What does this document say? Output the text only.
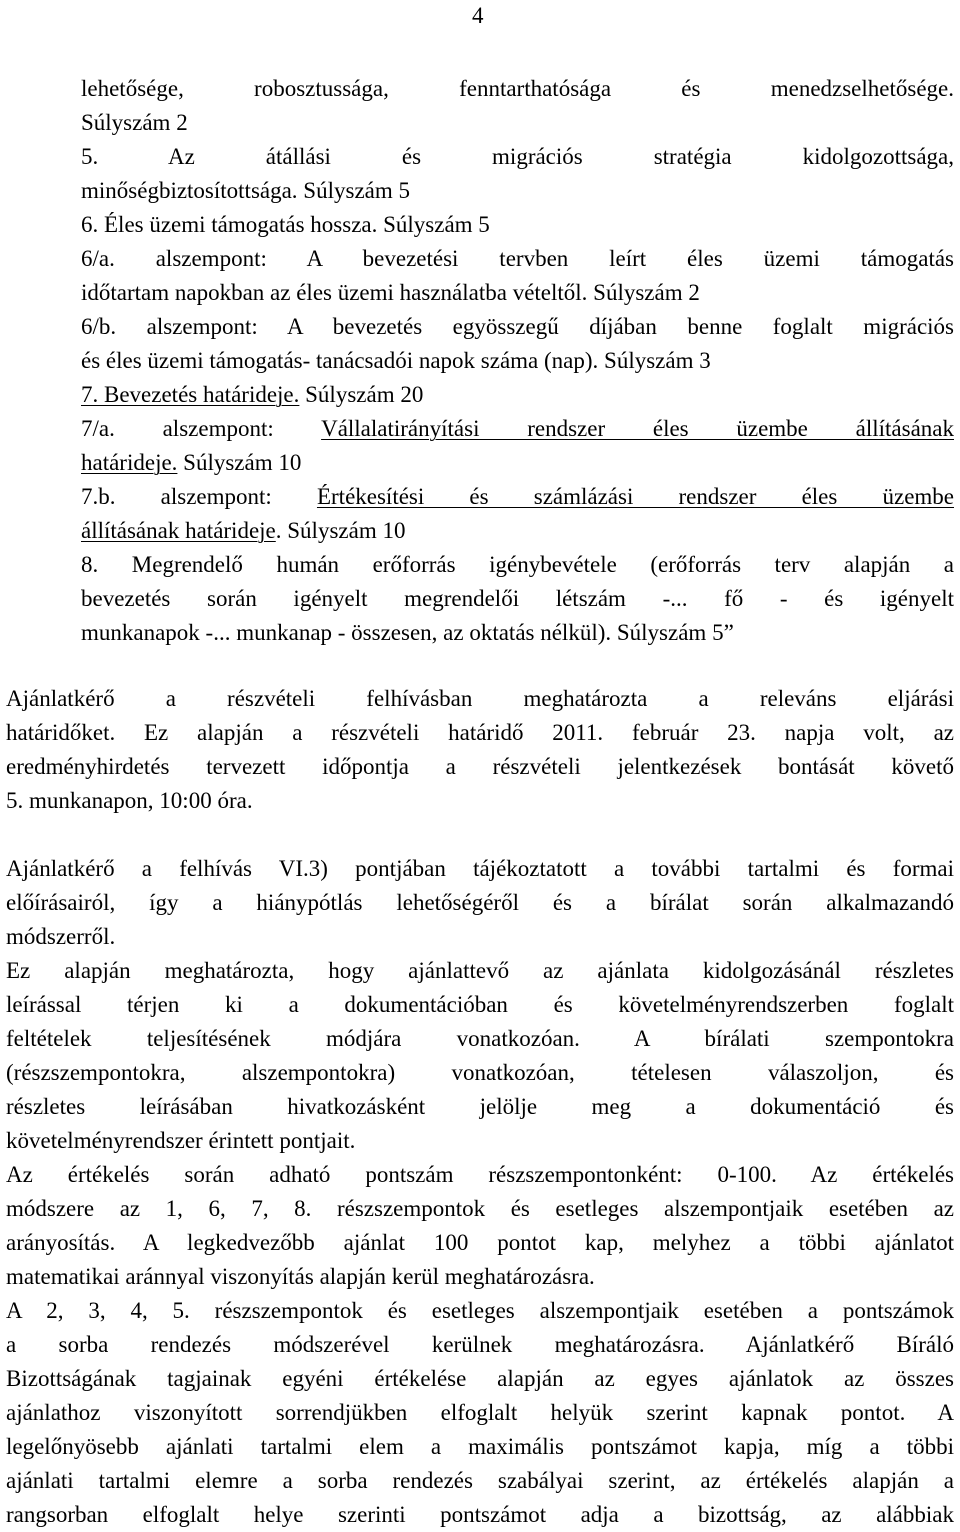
4
lehetősége, robosztussága, fenntarthatósága és menedzselhetősége.
Súlyszám 2
5. Az átállási és migrációs stratégia kidolgozottsága,
minőségbiztosítottsága. Súlyszám 5
6. Éles üzemi támogatás hossza. Súlyszám 5
6/a. alszempont: A bevezetési tervben leírt éles üzemi támogatás
időtartam napokban az éles üzemi használatba vételtől. Súlyszám 2
6/b. alszempont: A bevezetés egyösszegű díjában benne foglalt migrációs
és éles üzemi támogatás- tanácsadói napok száma (nap). Súlyszám 3
7. Bevezetés határideje. Súlyszám 20
7/a. alszempont: Vállalatirányítási rendszer éles üzembe állításának
határideje. Súlyszám 10
7.b. alszempont: Értékesítési és számlázási rendszer éles üzembe
állításának határideje. Súlyszám 10
8. Megrendelő humán erőforrás igénybevétele (erőforrás terv alapján a
bevezetés során igényelt megrendelői létszám -... fő - és igényelt
munkanapok -... munkanap - összesen, az oktatás nélkül). Súlyszám 5”
Ajánlatkérő a részvételi felhívásban meghatározta a releváns eljárási
határidőket. Ez alapján a részvételi határidő 2011. február 23. napja volt, az
eredményhirdetés tervezett időpontja a részvételi jelentkezések bontását követő
5. munkanapon, 10:00 óra.
Ajánlatkérő a felhívás VI.3) pontjában tájékoztatott a további tartalmi és formai
előírásairól, így a hiánypótlás lehetőségéről és a bírálat során alkalmazandó
módszerről.
Ez alapján meghatározta, hogy ajánlattevő az ajánlata kidolgozásánál részletes
leírással térjen ki a dokumentációban és követelményrendszerben foglalt
feltételek teljesítésének módjára vonatkozóan. A bírálati szempontokra
(részszempontokra, alszempontokra) vonatkozóan, tételesen válaszoljon, és
részletes leírásában hivatkozásként jelölje meg a dokumentáció és
követelményrendszer érintett pontjait.
Az értékelés során adható pontszám részszempontonként: 0-100. Az értékelés
módszere az 1, 6, 7, 8. részszempontok és esetleges alszempontjaik esetében az
arányosítás. A legkedvezőbb ajánlat 100 pontot kap, melyhez a többi ajánlatot
matematikai aránnyal viszonyítás alapján kerül meghatározásra.
A 2, 3, 4, 5. részszempontok és esetleges alszempontjaik esetében a pontszámok
a sorba rendezés módszerével kerülnek meghatározásra. Ajánlatkérő Bíráló
Bizottságának tagjainak egyéni értékelése alapján az egyes ajánlatok az összes
ajánlathoz viszonyított sorrendjükben elfoglalt helyük szerint kapnak pontot. A
legelőnyösebb ajánlati tartalmi elem a maximális pontszámot kapja, míg a többi
ajánlati tartalmi elemre a sorba rendezés szabályai szerint, az értékelés alapján a
rangsorban elfoglalt helye szerinti pontszámot adja a bizottság, az alábbiak
